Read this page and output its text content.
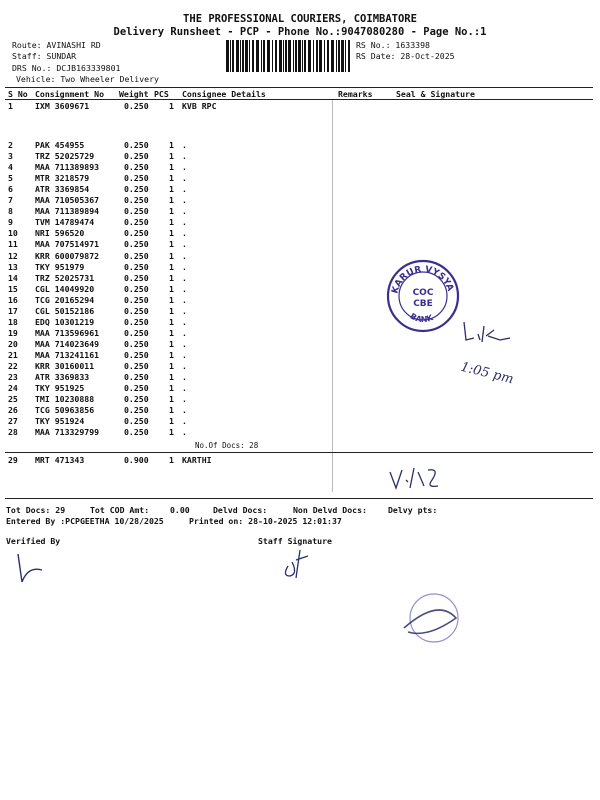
THE PROFESSIONAL COURIERS, COIMBATORE
Delivery Runsheet - PCP - Phone No.:9047080280 - Page No.:1
Route: AVINASHI RD
Staff: SUNDAR
DRS No.: DCJB163339801
Vehicle: Two Wheeler Delivery
RS No.: 1633398
RS Date: 28-Oct-2025
S No Consignment No Weight PCS Consignee Details	Remarks	Seal & Signature
1	IXM 3609671	0.250 1 KVB RPC
2	PAK 454955	0.250 1 .
3	TRZ 52025729	0.250 1 .
4	MAA 711389893	0.250 1 .
5	MTR 3218579	0.250 1 .
6	ATR 3369854	0.250 1 .
7	MAA 710505367	0.250 1 .
8	MAA 711389894	0.250 1 .
9	TVM 14789474	0.250 1 .
10 NRI 596520	0.250 1 .
11 MAA 707514971	0.250 1 .
12 KRR 600079872	0.250 1 .
13 TKY 951979	0.250 1 .
14 TRZ 52025731	0.250 1 .
15 CGL 14049920	0.250 1 .
16 TCG 20165294	0.250 1 .
17 CGL 50152186	0.250 1 .
18 EDQ 10301219	0.250 1 .
19 MAA 713596961	0.250 1 .
20 MAA 714023649	0.250 1 .
21 MAA 713241161	0.250 1 .
22 KRR 30160011	0.250 1 .
23 ATR 3369833	0.250 1 .
24 TKY 951925	0.250 1 .
25 TMI 10230888	0.250 1 .
26 TCG 50963856	0.250 1 .
27 TKY 951924	0.250 1 .
28 MAA 713329799	0.250 1 .
No.Of Docs: 28
29 MRT 471343	0.900 1 KARTHI
Tot Docs: 29	Tot COD Amt:	0.00	Delvd Docs:	Non Delvd Docs:	Delvy pts:
Entered By :PCPGEETHA 10/28/2025	Printed on: 28-10-2025 12:01:37
Verified By	Staff Signature
KARUR VYSYA
BANK
COC
CBE
1:05 pm
